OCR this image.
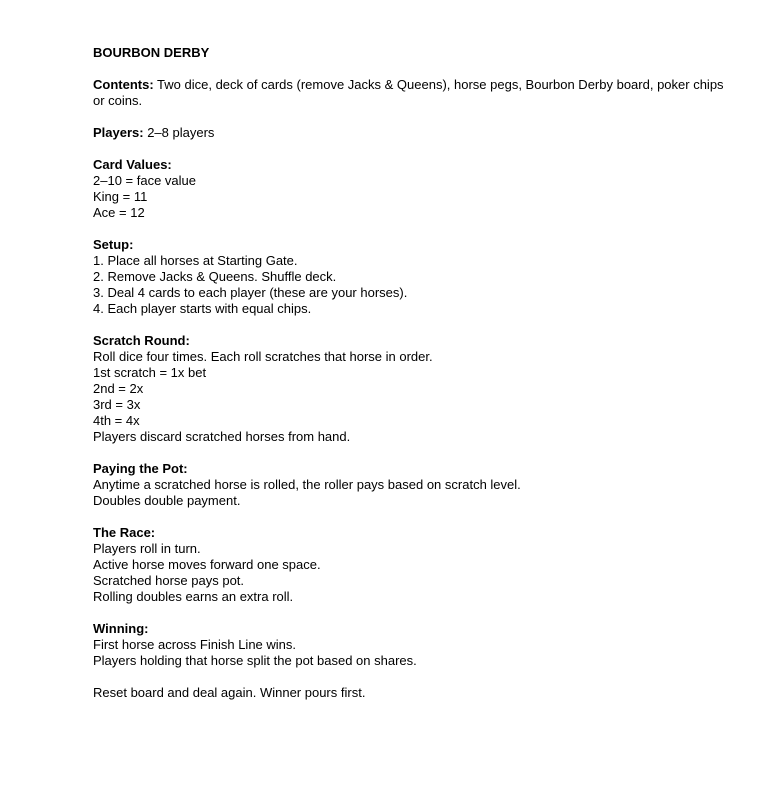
BOURBON DERBY
Contents: Two dice, deck of cards (remove Jacks & Queens), horse pegs, Bourbon Derby board, poker chips or coins.
Players: 2–8 players
Card Values:
2–10 = face value
King = 11
Ace = 12
Setup:
1. Place all horses at Starting Gate.
2. Remove Jacks & Queens. Shuffle deck.
3. Deal 4 cards to each player (these are your horses).
4. Each player starts with equal chips.
Scratch Round:
Roll dice four times. Each roll scratches that horse in order.
1st scratch = 1x bet
2nd = 2x
3rd = 3x
4th = 4x
Players discard scratched horses from hand.
Paying the Pot:
Anytime a scratched horse is rolled, the roller pays based on scratch level.
Doubles double payment.
The Race:
Players roll in turn.
Active horse moves forward one space.
Scratched horse pays pot.
Rolling doubles earns an extra roll.
Winning:
First horse across Finish Line wins.
Players holding that horse split the pot based on shares.
Reset board and deal again. Winner pours first.
